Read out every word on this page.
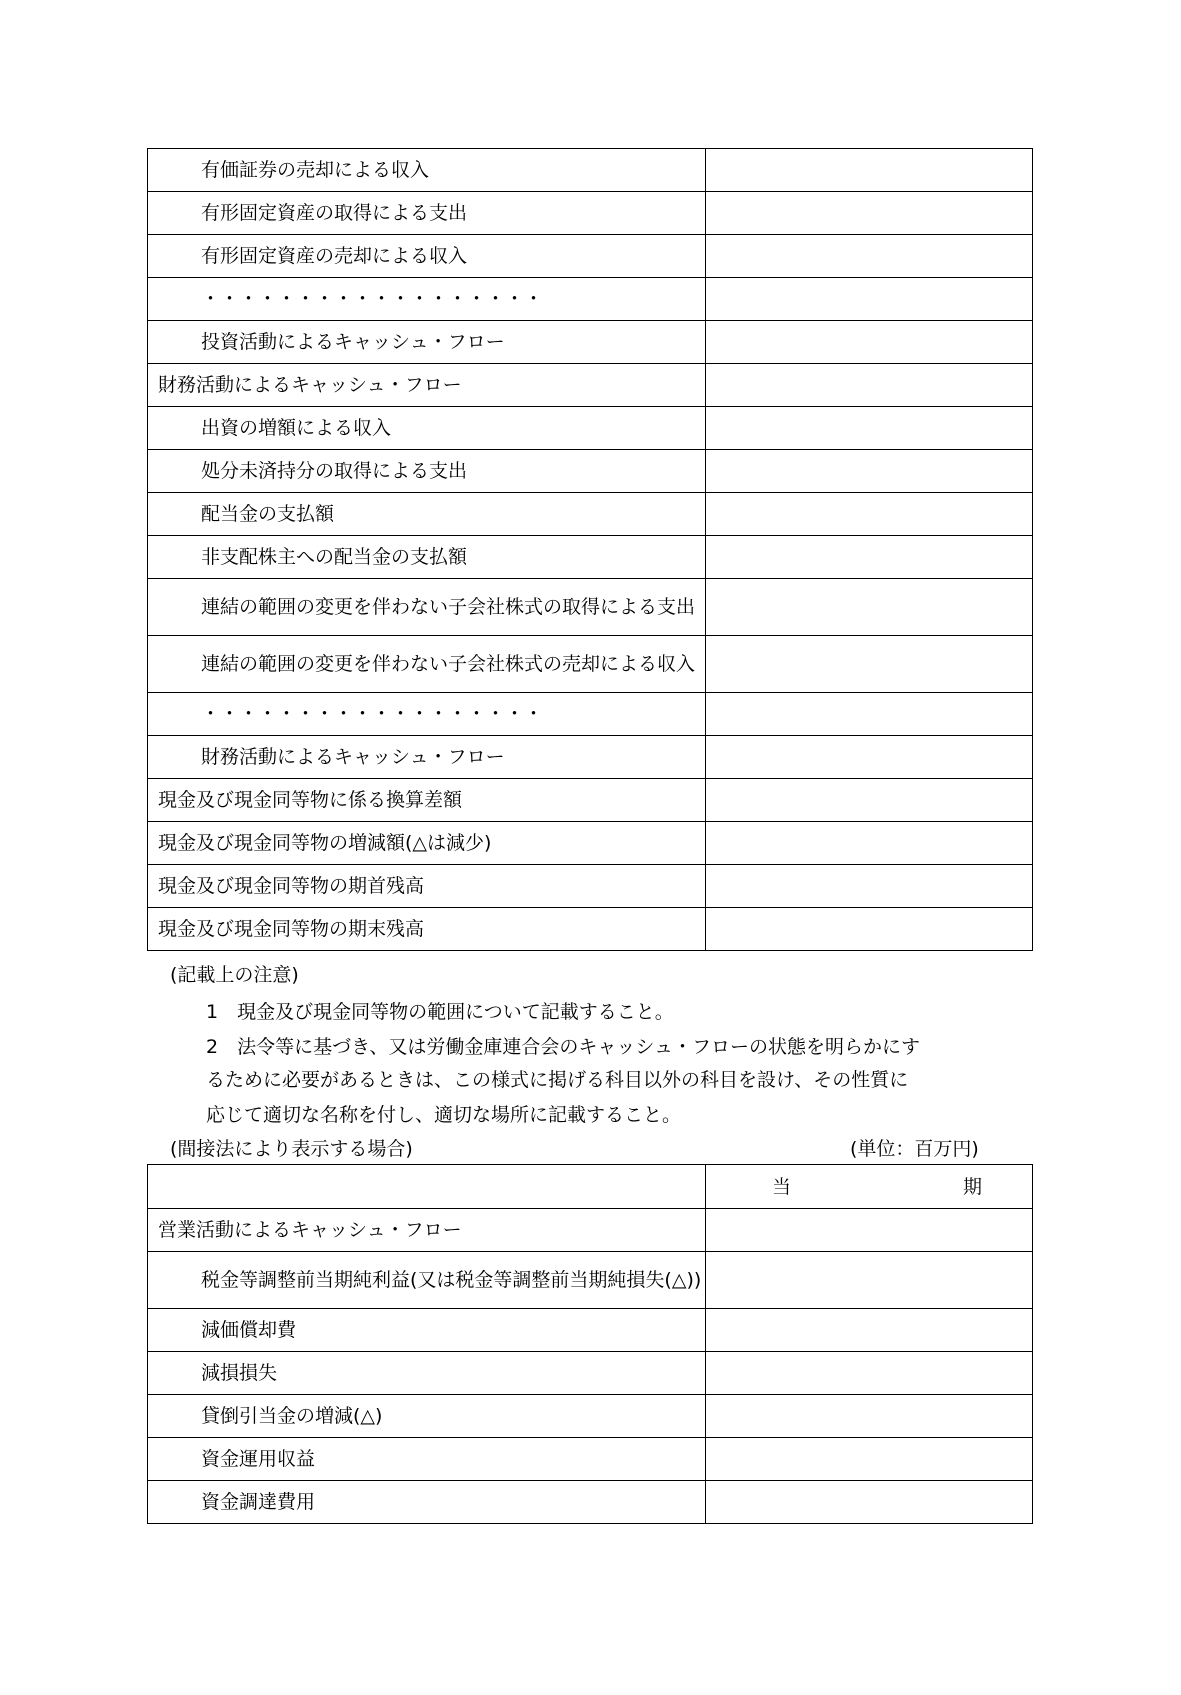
有価証券の売却による収入	
有形固定資産の取得による支出	
有形固定資産の売却による収入	
・・・・・・・・・・・・・・・・・・	
投資活動によるキャッシュ・フロー	
財務活動によるキャッシュ・フロー	
出資の増額による収入	
処分未済持分の取得による支出	
配当金の支払額	
非支配株主への配当金の支払額	
連結の範囲の変更を伴わない子会社株式の取得による支出	
連結の範囲の変更を伴わない子会社株式の売却による収入	
・・・・・・・・・・・・・・・・・・	
財務活動によるキャッシュ・フロー	
現金及び現金同等物に係る換算差額	
現金及び現金同等物の増減額(△は減少)	
現金及び現金同等物の期首残高	
現金及び現金同等物の期末残高	
(記載上の注意)
1　現金及び現金同等物の範囲について記載すること。
2　法令等に基づき、又は労働金庫連合会のキャッシュ・フローの状態を明らかにす
るために必要があるときは、この様式に掲げる科目以外の科目を設け、その性質に
応じて適切な名称を付し、適切な場所に記載すること。
(間接法により表示する場合)	(単位：百万円)

	当 期

営業活動によるキャッシュ・フロー	
税金等調整前当期純利益(又は税金等調整前当期純損失(△))	
減価償却費	
減損損失	
貸倒引当金の増減(△)	
資金運用収益	
資金調達費用	
